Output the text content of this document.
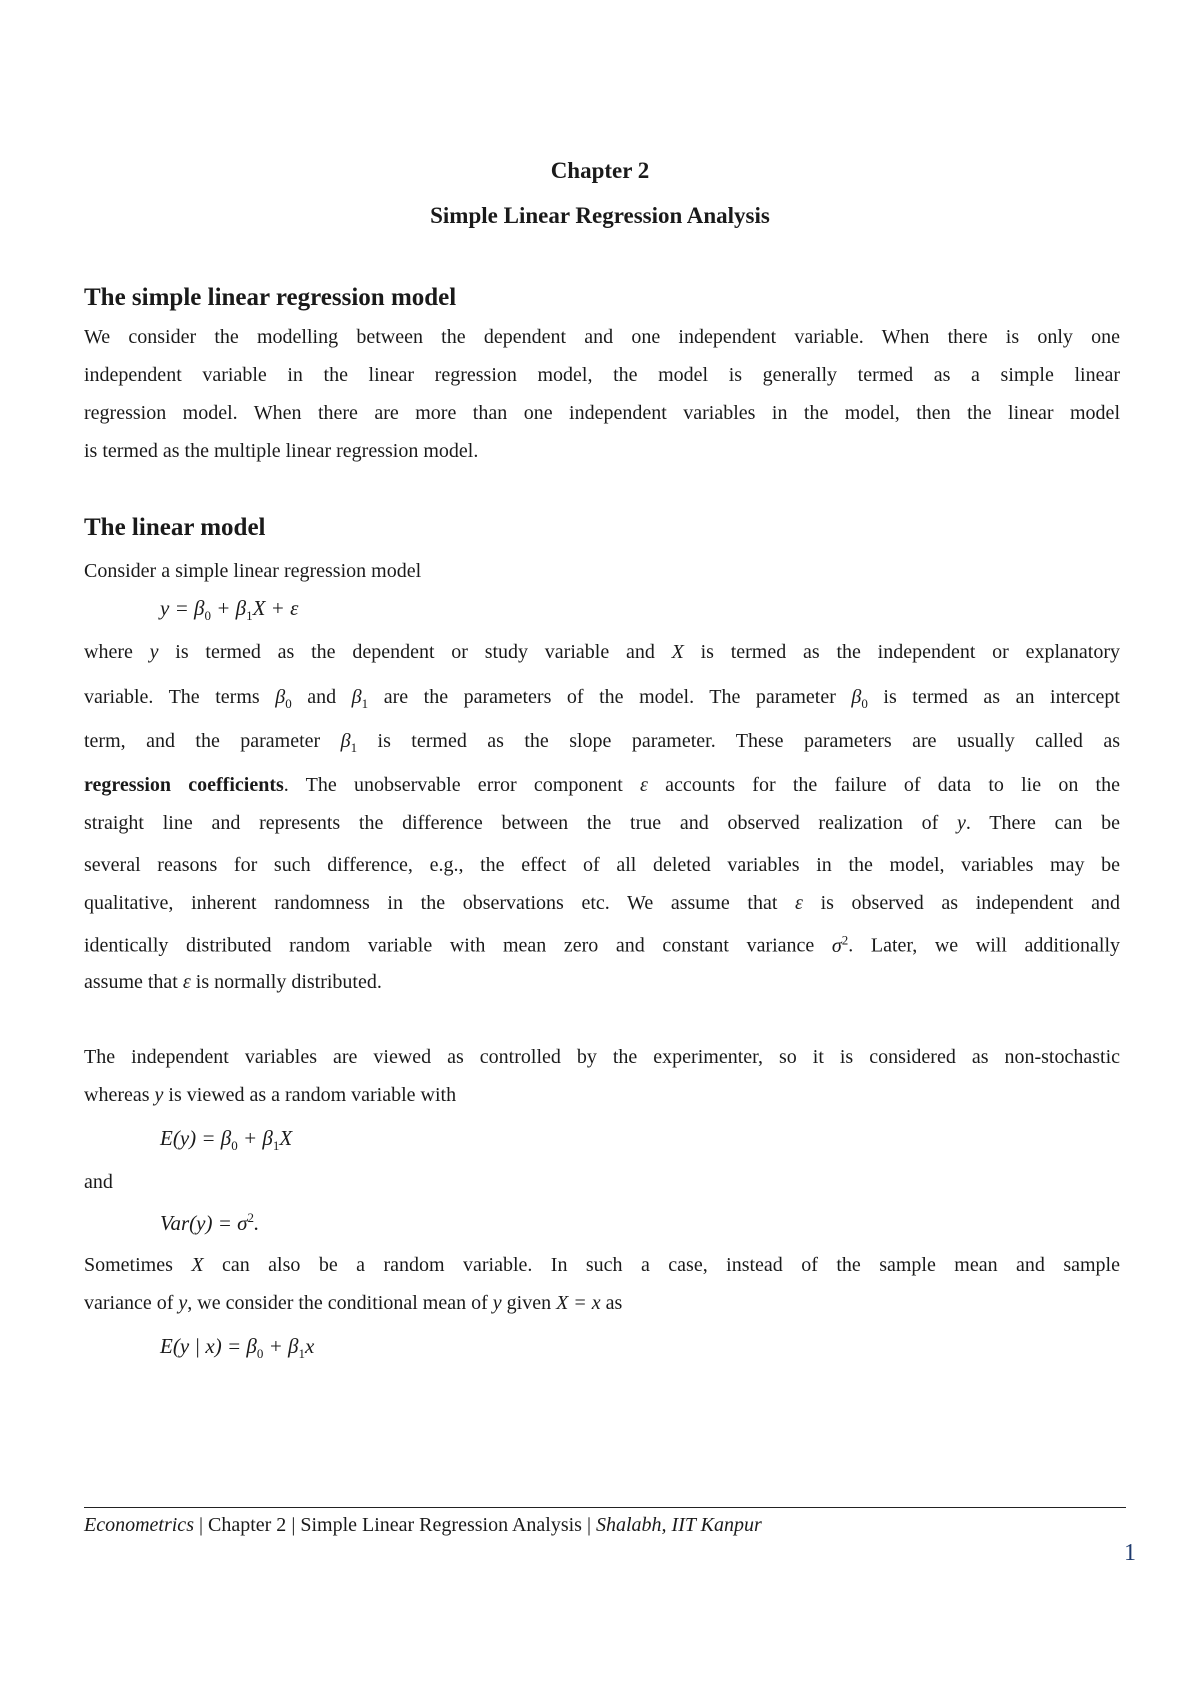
Chapter 2
Simple Linear Regression Analysis
The simple linear regression model
We consider the modelling between the dependent and one independent variable. When there is only one
independent variable in the linear regression model, the model is generally termed as a simple linear
regression model. When there are more than one independent variables in the model, then the linear model
is termed as the multiple linear regression model.
The linear model
Consider a simple linear regression model
$y = \beta_0 + \beta_1X + \varepsilon$
where y is termed as the dependent or study variable and X is termed as the independent or explanatory
variable. The terms $\beta_0$ and $\beta_1$ are the parameters of the model. The parameter $\beta_0$ is termed as an intercept
term, and the parameter $\beta_1$ is termed as the slope parameter. These parameters are usually called as
regression coefficients. The unobservable error component ε accounts for the failure of data to lie on the
straight line and represents the difference between the true and observed realization of y. There can be
several reasons for such difference, e.g., the effect of all deleted variables in the model, variables may be
qualitative, inherent randomness in the observations etc. We assume that ε is observed as independent and
identically distributed random variable with mean zero and constant variance $\sigma^2$. Later, we will additionally
assume that ε is normally distributed.
The independent variables are viewed as controlled by the experimenter, so it is considered as non-stochastic
whereas y is viewed as a random variable with
$E(y) = \beta_0 + \beta_1X$
and
$Var(y) = \sigma^2$.
Sometimes X can also be a random variable. In such a case, instead of the sample mean and sample
variance of y, we consider the conditional mean of y given X = x as
E(y | $x) = \beta_0 + \beta_1x$
Econometrics | Chapter 2 | Simple Linear Regression Analysis | Shalabh, IIT Kanpur
1
